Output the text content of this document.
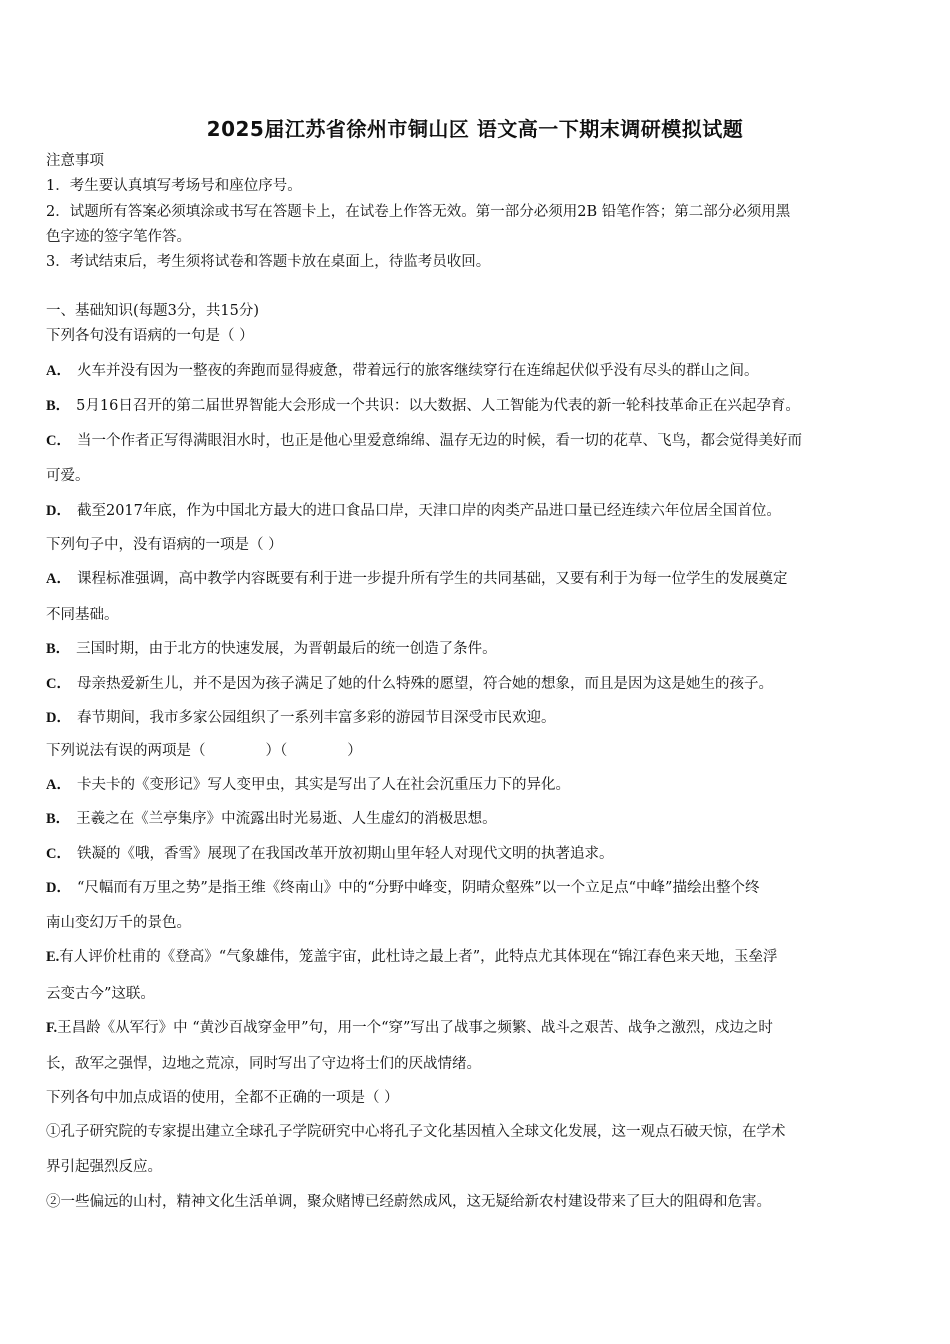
2025届江苏省徐州市铜山区 语文高一下期末调研模拟试题
注意事项
1．考生要认真填写考场号和座位序号。
2．试题所有答案必须填涂或书写在答题卡上，在试卷上作答无效。第一部分必须用2B 铅笔作答；第二部分必须用黑
色字迹的签字笔作答。
3．考试结束后，考生须将试卷和答题卡放在桌面上，待监考员收回。
一、基础知识(每题3分，共15分)
下列各句没有语病的一句是（ ）
A． 火车并没有因为一整夜的奔跑而显得疲惫，带着远行的旅客继续穿行在连绵起伏似乎没有尽头的群山之间。
B． 5月16日召开的第二届世界智能大会形成一个共识：以大数据、人工智能为代表的新一轮科技革命正在兴起孕育。
C． 当一个作者正写得满眼泪水时，也正是他心里爱意绵绵、温存无边的时候，看一切的花草、飞鸟，都会觉得美好而
可爱。
D． 截至2017年底，作为中国北方最大的进口食品口岸，天津口岸的肉类产品进口量已经连续六年位居全国首位。
下列句子中，没有语病的一项是（ ）
A． 课程标准强调，高中教学内容既要有利于进一步提升所有学生的共同基础，又要有利于为每一位学生的发展奠定
不同基础。
B． 三国时期，由于北方的快速发展，为晋朝最后的统一创造了条件。
C． 母亲热爱新生儿，并不是因为孩子满足了她的什么特殊的愿望，符合她的想象，而且是因为这是她生的孩子。
D． 春节期间，我市多家公园组织了一系列丰富多彩的游园节目深受市民欢迎。
下列说法有误的两项是（	）（	）
A． 卡夫卡的《变形记》写人变甲虫，其实是写出了人在社会沉重压力下的异化。
B． 王羲之在《兰亭集序》中流露出时光易逝、人生虚幻的消极思想。
C． 铁凝的《哦，香雪》展现了在我国改革开放初期山里年轻人对现代文明的执著追求。
D． “尺幅而有万里之势”是指王维《终南山》中的“分野中峰变，阴晴众壑殊”以一个立足点“中峰”描绘出整个终
南山变幻万千的景色。
E.有人评价杜甫的《登高》“气象雄伟，笼盖宇宙，此杜诗之最上者”，此特点尤其体现在“锦江春色来天地，玉垒浮
云变古今”这联。
F.王昌龄《从军行》中 “黄沙百战穿金甲”句，用一个“穿”写出了战事之频繁、战斗之艰苦、战争之激烈，戍边之时
长，敌军之强悍，边地之荒凉，同时写出了守边将士们的厌战情绪。
下列各句中加点成语的使用，全都不正确的一项是（ ）
①孔子研究院的专家提出建立全球孔子学院研究中心将孔子文化基因植入全球文化发展，这一观点石破天惊，在学术
界引起强烈反应。
②一些偏远的山村，精神文化生活单调，聚众赌博已经蔚然成风，这无疑给新农村建设带来了巨大的阻碍和危害。
